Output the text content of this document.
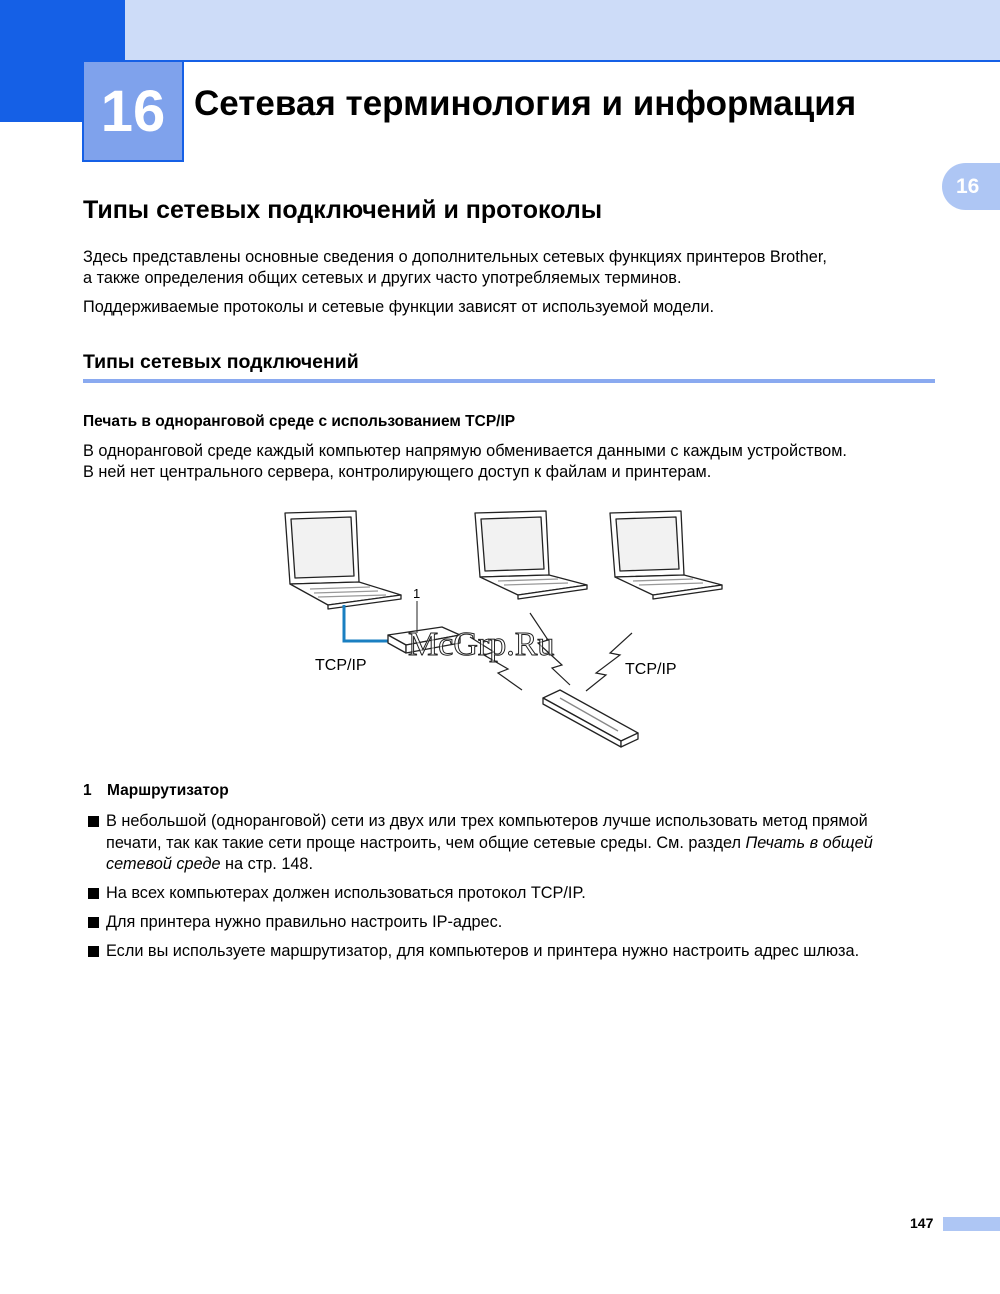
16 Сетевая терминология и информация
16
Типы сетевых подключений и протоколы
Здесь представлены основные сведения о дополнительных сетевых функциях принтеров Brother,
а также определения общих сетевых и других часто употребляемых терминов.
Поддерживаемые протоколы и сетевые функции зависят от используемой модели.
Типы сетевых подключений
Печать в одноранговой среде с использованием TCP/IP
В одноранговой среде каждый компьютер напрямую обменивается данными с каждым устройством.
В ней нет центрального сервера, контролирующего доступ к файлам и принтерам.
1
TCP/IP	TCP/IP
McGrp.Ru
1 Маршрутизатор
В небольшой (одноранговой) сети из двух или трех компьютеров лучше использовать метод прямой
печати, так как такие сети проще настроить, чем общие сетевые среды. См. раздел Печать в общей
сетевой среде на стр. 148.
На всех компьютерах должен использоваться протокол TCP/IP.
Для принтера нужно правильно настроить IP-адрес.
Если вы используете маршрутизатор, для компьютеров и принтера нужно настроить адрес шлюза.
147
